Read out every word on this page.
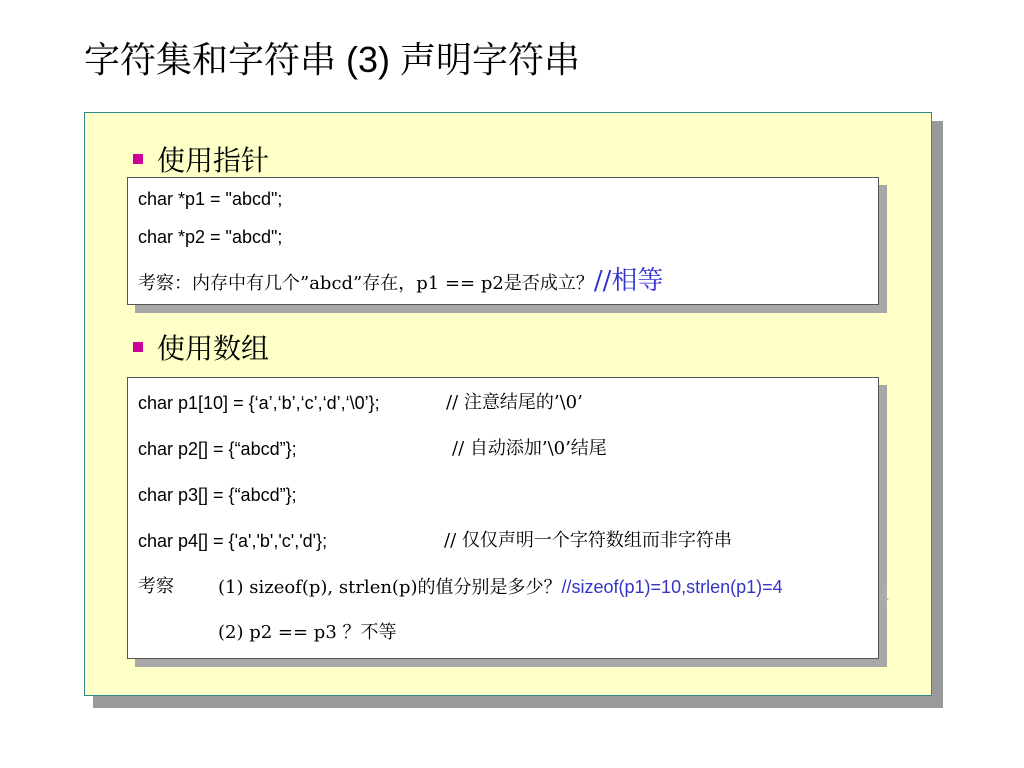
字符集和字符串 (3) 声明字符串
使用指针
char *p1 = "abcd";
char *p2 = "abcd";
考察：内存中有几个”abcd”存在，p1 == p2是否成立？//相等
使用数组
char p1[10] = {‘a’,‘b’,‘c’,‘d’,‘\0’};	// 注意结尾的’\0’
char p2[] = {“abcd”};	// 自动添加’\0’结尾
char p3[] = {“abcd”};
char p4[] = {'a','b','c','d'};	// 仅仅声明一个字符数组而非字符串
考察 (1) sizeof(p), strlen(p)的值分别是多少？//sizeof(p1)=10,strlen(p1)=4
(2) p2 == p3 ？不等
4
